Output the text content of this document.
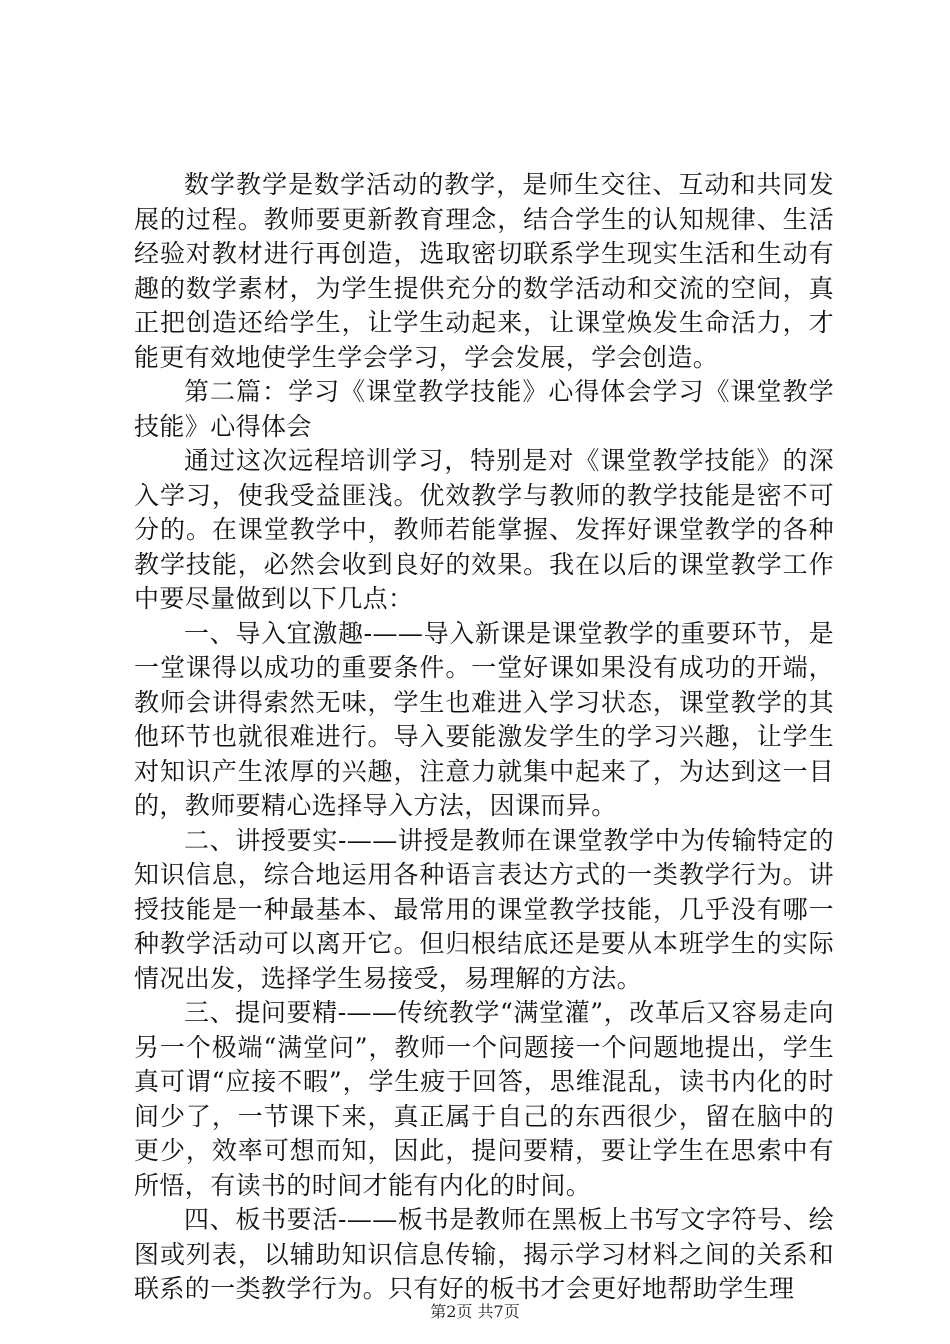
数学教学是数学活动的教学，是师生交往、互动和共同发展的过程。教师要更新教育理念，结合学生的认知规律、生活经验对教材进行再创造，选取密切联系学生现实生活和生动有趣的数学素材，为学生提供充分的数学活动和交流的空间，真正把创造还给学生，让学生动起来，让课堂焕发生命活力，才能更有效地使学生学会学习，学会发展，学会创造。

第二篇：学习《课堂教学技能》心得体会学习《课堂教学技能》心得体会

通过这次远程培训学习，特别是对《课堂教学技能》的深入学习，使我受益匪浅。优效教学与教师的教学技能是密不可分的。在课堂教学中，教师若能掌握、发挥好课堂教学的各种教学技能，必然会收到良好的效果。我在以后的课堂教学工作中要尽量做到以下几点：

一、导入宜激趣-——导入新课是课堂教学的重要环节，是一堂课得以成功的重要条件。一堂好课如果没有成功的开端，教师会讲得索然无味，学生也难进入学习状态，课堂教学的其他环节也就很难进行。导入要能激发学生的学习兴趣，让学生对知识产生浓厚的兴趣，注意力就集中起来了，为达到这一目的，教师要精心选择导入方法，因课而异。

二、讲授要实-——讲授是教师在课堂教学中为传输特定的知识信息，综合地运用各种语言表达方式的一类教学行为。讲授技能是一种最基本、最常用的课堂教学技能，几乎没有哪一种教学活动可以离开它。但归根结底还是要从本班学生的实际情况出发，选择学生易接受，易理解的方法。

三、提问要精-——传统教学“满堂灌”，改革后又容易走向另一个极端“满堂问”，教师一个问题接一个问题地提出，学生真可谓“应接不暇”，学生疲于回答，思维混乱，读书内化的时间少了，一节课下来，真正属于自己的东西很少，留在脑中的更少，效率可想而知，因此，提问要精，要让学生在思索中有所悟，有读书的时间才能有内化的时间。

四、板书要活-——板书是教师在黑板上书写文字符号、绘图或列表，以辅助知识信息传输，揭示学习材料之间的关系和联系的一类教学行为。只有好的板书才会更好地帮助学生理

第2页 共7页
